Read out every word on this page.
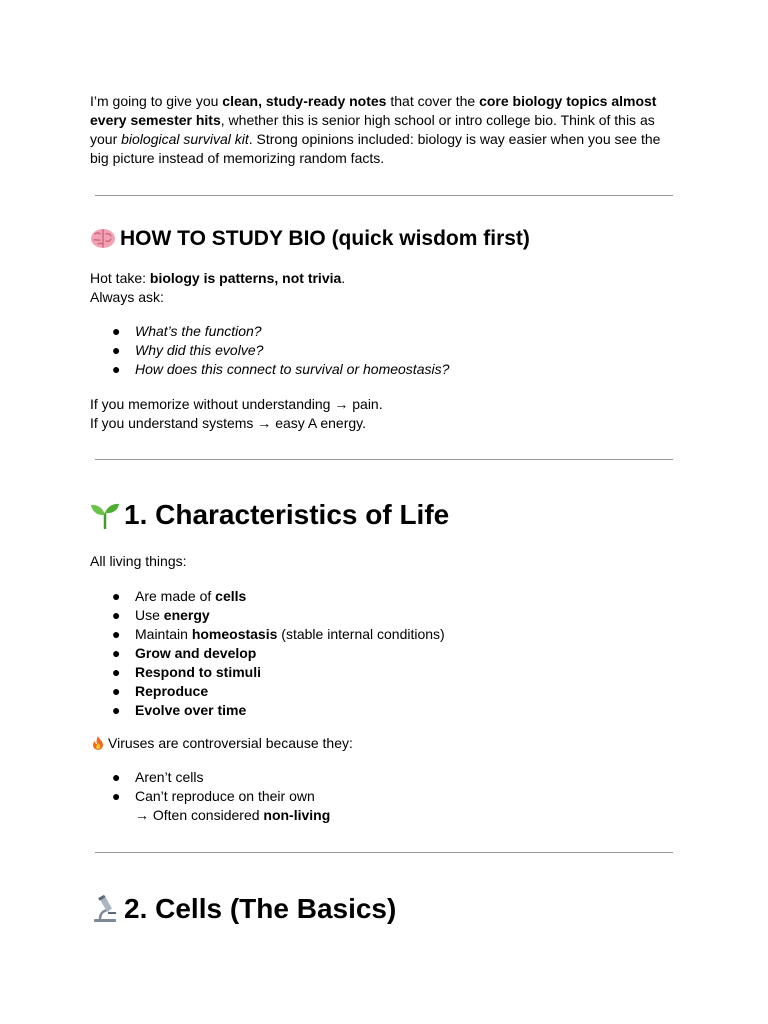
I’m going to give you clean, study-ready notes that cover the core biology topics almost every semester hits, whether this is senior high school or intro college bio. Think of this as your biological survival kit. Strong opinions included: biology is way easier when you see the big picture instead of memorizing random facts.
HOW TO STUDY BIO (quick wisdom first)
Hot take: biology is patterns, not trivia.
Always ask:
● What’s the function?
● Why did this evolve?
● How does this connect to survival or homeostasis?
If you memorize without understanding → pain.
If you understand systems → easy A energy.
1. Characteristics of Life
All living things:
● Are made of cells
● Use energy
● Maintain homeostasis (stable internal conditions)
● Grow and develop
● Respond to stimuli
● Reproduce
● Evolve over time
Viruses are controversial because they:
● Aren’t cells
● Can’t reproduce on their own
→ Often considered non-living
2. Cells (The Basics)
